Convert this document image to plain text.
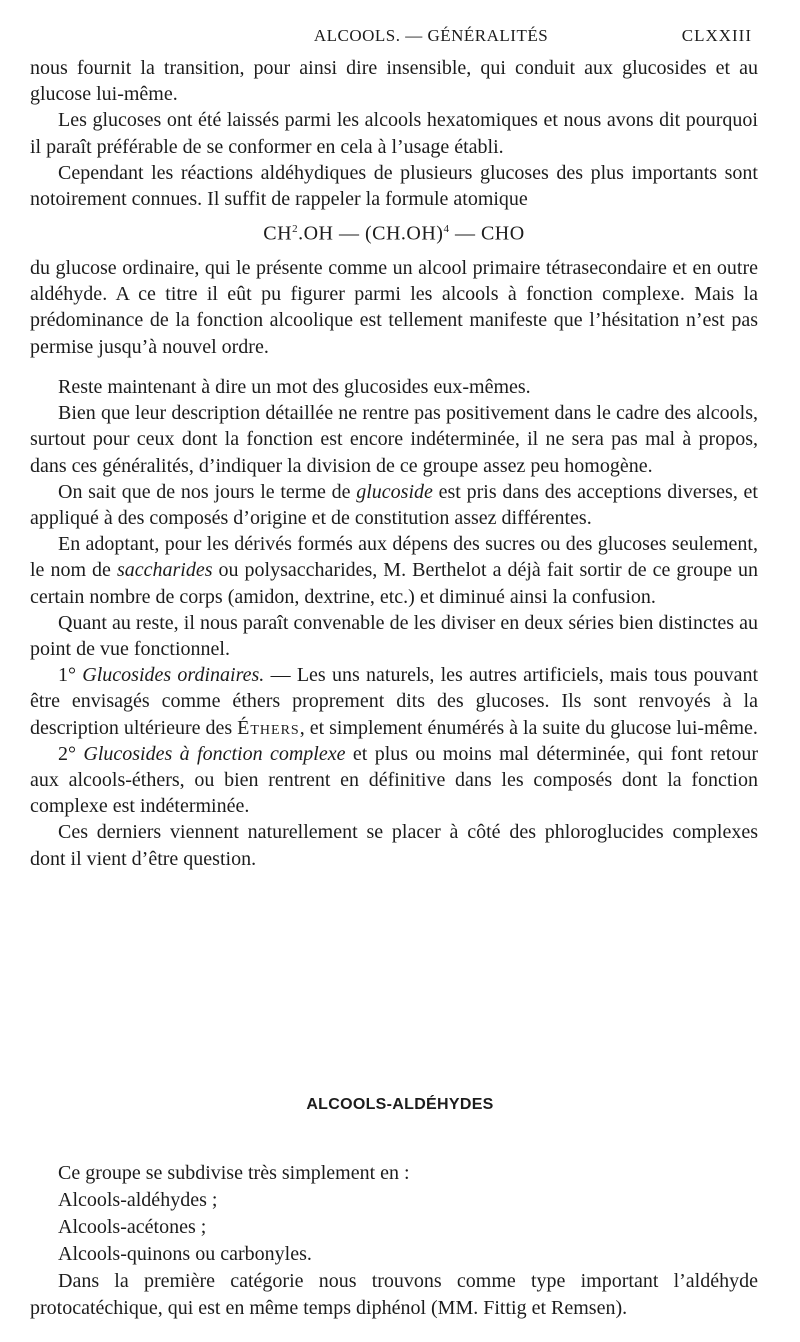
ALCOOLS. — GÉNÉRALITÉS	CLXXIII

nous fournit la transition, pour ainsi dire insensible, qui conduit aux glucosides et au glucose lui-même.

Les glucoses ont été laissés parmi les alcools hexatomiques et nous avons dit pourquoi il paraît préférable de se conformer en cela à l’usage établi.

Cependant les réactions aldéhydiques de plusieurs glucoses des plus importants sont notoirement connues. Il suffit de rappeler la formule atomique

$CH^2.OH$ — $(CH.OH)^4$ — CHO

du glucose ordinaire, qui le présente comme un alcool primaire tétrasecondaire et en outre aldéhyde. A ce titre il eût pu figurer parmi les alcools à fonction complexe. Mais la prédominance de la fonction alcoolique est tellement manifeste que l’hésitation n’est pas permise jusqu’à nouvel ordre.

Reste maintenant à dire un mot des glucosides eux-mêmes.

Bien que leur description détaillée ne rentre pas positivement dans le cadre des alcools, surtout pour ceux dont la fonction est encore indéterminée, il ne sera pas mal à propos, dans ces généralités, d’indiquer la division de ce groupe assez peu homogène.

On sait que de nos jours le terme de glucoside est pris dans des acceptions diverses, et appliqué à des composés d’origine et de constitution assez différentes.

En adoptant, pour les dérivés formés aux dépens des sucres ou des glucoses seulement, le nom de saccharides ou polysaccharides, M. Berthelot a déjà fait sortir de ce groupe un certain nombre de corps (amidon, dextrine, etc.) et diminué ainsi la confusion.

Quant au reste, il nous paraît convenable de les diviser en deux séries bien distinctes au point de vue fonctionnel.

1° Glucosides ordinaires. — Les uns naturels, les autres artificiels, mais tous pouvant être envisagés comme éthers proprement dits des glucoses. Ils sont renvoyés à la description ultérieure des Éthers, et simplement énumérés à la suite du glucose lui-même.

2° Glucosides à fonction complexe et plus ou moins mal déterminée, qui font retour aux alcools-éthers, ou bien rentrent en définitive dans les composés dont la fonction complexe est indéterminée.

Ces derniers viennent naturellement se placer à côté des phloroglucides complexes dont il vient d’être question.

ALCOOLS-ALDÉHYDES

Ce groupe se subdivise très simplement en :

Alcools-aldéhydes ;

Alcools-acétones ;

Alcools-quinons ou carbonyles.

Dans la première catégorie nous trouvons comme type important l’aldéhyde protocatéchique, qui est en même temps diphénol (MM. Fittig et Remsen).
